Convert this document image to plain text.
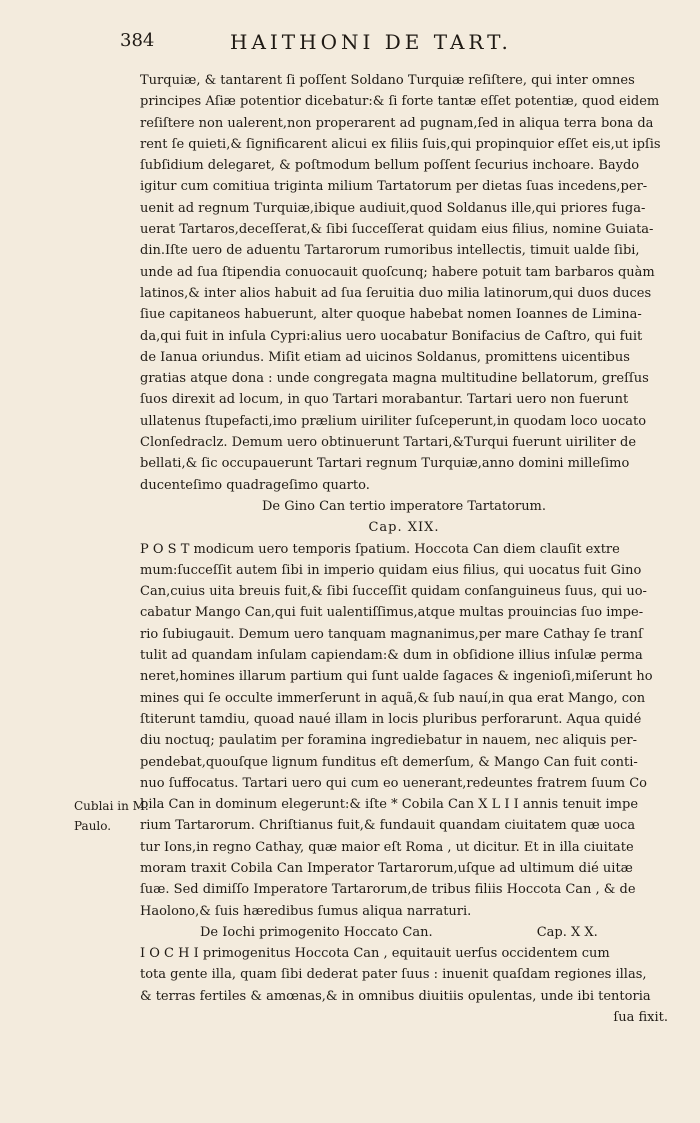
384	HAITHONI DE TART.
Cublai in M.
Paulo.
Turquiæ, & tantarent ſi poſſent Soldano Turquiæ reſiſtere, qui inter omnes
principes Aſiæ potentior dicebatur:& ſi forte tantæ eſſet potentiæ, quod eidem
reſiſtere non ualerent,non properarent ad pugnam,ſed in aliqua terra bona da
rent ſe quieti,& ſignificarent alicui ex filiis ſuis,qui propinquior eſſet eis,ut ipſis
ſubſidium delegaret, & poſtmodum bellum poſſent ſecurius inchoare. Baydo
igitur cum comitiua triginta milium Tartatorum per dietas ſuas incedens,per-
uenit ad regnum Turquiæ,ibique audiuit,quod Soldanus ille,qui priores fuga-
uerat Tartaros,deceſſerat,& ſibi ſucceſſerat quidam eius filius, nomine Guiata-
din.Iſte uero de aduentu Tartarorum rumoribus intellectis, timuit ualde ſibi,
unde ad ſua ſtipendia conuocauit quoſcunq; habere potuit tam barbaros quàm
latinos,& inter alios habuit ad ſua ſeruitia duo milia latinorum,qui duos duces
ſiue capitaneos habuerunt, alter quoque habebat nomen Ioannes de Limina-
da,qui fuit in inſula Cypri:alius uero uocabatur Bonifacius de Caſtro, qui fuit
de Ianua oriundus. Miſit etiam ad uicinos Soldanus, promittens uicentibus
gratias atque dona : unde congregata magna multitudine bellatorum, greſſus
ſuos direxit ad locum, in quo Tartari morabantur. Tartari uero non fuerunt
ullatenus ſtupefacti,imo prælium uiriliter ſuſceperunt,in quodam loco uocato
Clonſedraclz. Demum uero obtinuerunt Tartari,&Turqui fuerunt uiriliter de
bellati,& ſic occupauerunt Tartari regnum Turquiæ,anno domini milleſimo
ducenteſimo quadrageſimo quarto.
De Gino Can tertio imperatore Tartatorum.
Cap. XIX.
P O S T modicum uero temporis ſpatium. Hoccota Can diem clauſit extre
mum:ſucceſſit autem ſibi in imperio quidam eius filius, qui uocatus fuit Gino
Can,cuius uita breuis fuit,& ſibi ſucceſſit quidam conſanguineus ſuus, qui uo-
cabatur Mango Can,qui fuit ualentiſſimus,atque multas prouincias ſuo impe-
rio ſubiugauit. Demum uero tanquam magnanimus,per mare Cathay ſe tranſ
tulit ad quandam inſulam capiendam:& dum in obſidione illius inſulæ perma
neret,homines illarum partium qui ſunt ualde ſagaces & ingenioſi,miſerunt ho
mines qui ſe occulte immerſerunt in aquã,& ſub nauí,in qua erat Mango, con
ſtiterunt tamdiu, quoad naué illam in locis pluribus perforarunt. Aqua quidé
diu noctuq; paulatim per foramina ingrediebatur in nauem, nec aliquis per-
pendebat,quouſque lignum funditus eſt demerſum, & Mango Can fuit conti-
nuo ſuffocatus. Tartari uero qui cum eo uenerant,redeuntes fratrem ſuum Co
bila Can in dominum elegerunt:& iſte * Cobila Can X L I I annis tenuit impe
rium Tartarorum. Chriſtianus fuit,& fundauit quandam ciuitatem quæ uoca
tur Ions,in regno Cathay, quæ maior eſt Roma , ut dicitur. Et in illa ciuitate
moram traxit Cobila Can Imperator Tartarorum,uſque ad ultimum dié uitæ
ſuæ. Sed dimiſſo Imperatore Tartarorum,de tribus filiis Hoccota Can , & de
Haolono,& ſuis hæredibus ſumus aliqua narraturi.
De Iochi primogenito Hoccato Can.	Cap. X X.
I O C H I primogenitus Hoccota Can , equitauit uerſus occidentem cum
tota gente illa, quam ſibi dederat pater ſuus : inuenit quaſdam regiones illas,
& terras fertiles & amœnas,& in omnibus diuitiis opulentas, unde ibi tentoria
ſua fixit.
